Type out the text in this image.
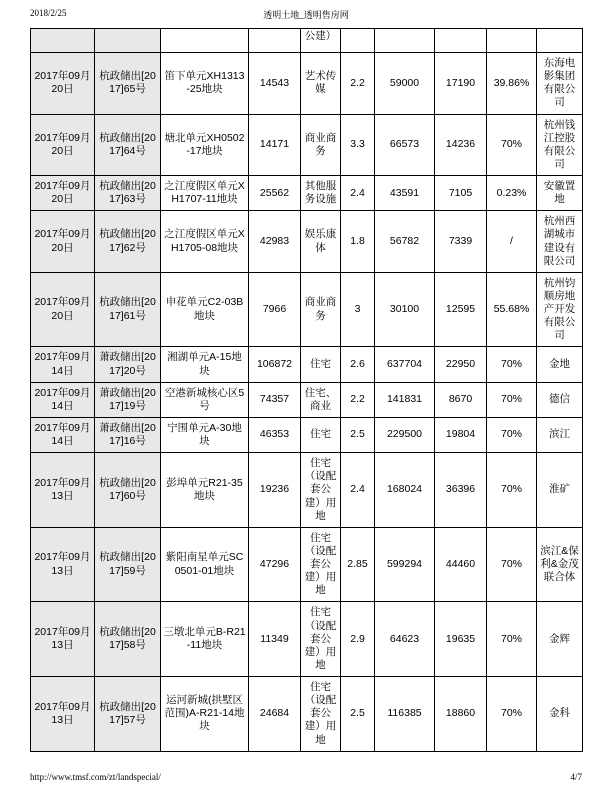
2018/2/25	透明土地_透明售房网
				公建）					
2017年09月20日	杭政储出[2017]65号	笛下单元XH1313-25地块	14543	艺术传媒	2.2	59000	17190	39.86%	东海电影集团有限公司
2017年09月20日	杭政储出[2017]64号	塘北单元XH0502-17地块	14171	商业商务	3.3	66573	14236	70%	杭州钱江控股有限公司
2017年09月20日	杭政储出[2017]63号	之江度假区单元XH1707-11地块	25562	其他服务设施	2.4	43591	7105	0.23%	安徽置地
2017年09月20日	杭政储出[2017]62号	之江度假区单元XH1705-08地块	42983	娱乐康体	1.8	56782	7339	/	杭州西湖城市建设有限公司
2017年09月20日	杭政储出[2017]61号	申花单元C2-03B地块	7966	商业商务	3	30100	12595	55.68%	杭州钧顺房地产开发有限公司
2017年09月14日	萧政储出[2017]20号	湘湖单元A-15地块	106872	住宅	2.6	637704	22950	70%	金地
2017年09月14日	萧政储出[2017]19号	空港新城核心区5号	74357	住宅、商业	2.2	141831	8670	70%	德信
2017年09月14日	萧政储出[2017]16号	宁围单元A-30地块	46353	住宅	2.5	229500	19804	70%	滨江
2017年09月13日	杭政储出[2017]60号	彭埠单元R21-35地块	19236	住宅（设配套公建）用地	2.4	168024	36396	70%	淮矿
2017年09月13日	杭政储出[2017]59号	紫阳南星单元SC0501-01地块	47296	住宅（设配套公建）用地	2.85	599294	44460	70%	滨江&保利&金茂联合体
2017年09月13日	杭政储出[2017]58号	三墩北单元B-R21-11地块	11349	住宅（设配套公建）用地	2.9	64623	19635	70%	金辉
2017年09月13日	杭政储出[2017]57号	运河新城(拱墅区范围)A-R21-14地块	24684	住宅（设配套公建）用地	2.5	116385	18860	70%	金科
http://www.tmsf.com/zt/landspecial/	4/7
